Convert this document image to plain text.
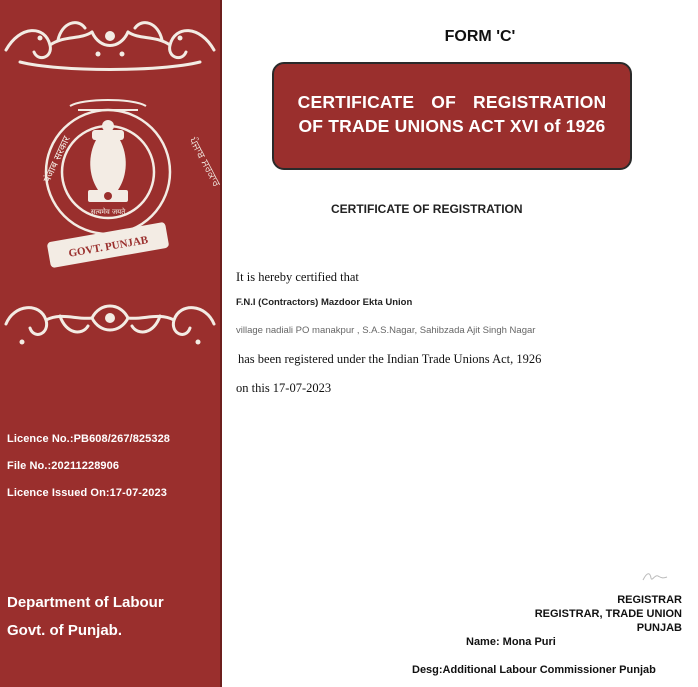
पंजाब सरकार	ਪੰਜਾਬ ਸਰਕਾਰ
सत्यमेव जयते
GOVT. PUNJAB
Licence No.:PB608/267/825328
File No.:20211228906
Licence Issued On:17-07-2023
Department of Labour
Govt. of Punjab.
FORM 'C'
CERTIFICATE OF REGISTRATION
OF TRADE UNIONS ACT XVI of 1926
CERTIFICATE OF REGISTRATION
It is hereby certified that
F.N.I (Contractors) Mazdoor Ekta Union
village nadiali PO manakpur , S.A.S.Nagar, Sahibzada Ajit Singh Nagar
has been registered under the Indian Trade Unions Act, 1926
on this 17-07-2023
REGISTRAR
REGISTRAR, TRADE UNION
PUNJAB
Name: Mona Puri
Desg:Additional Labour Commissioner Punjab
